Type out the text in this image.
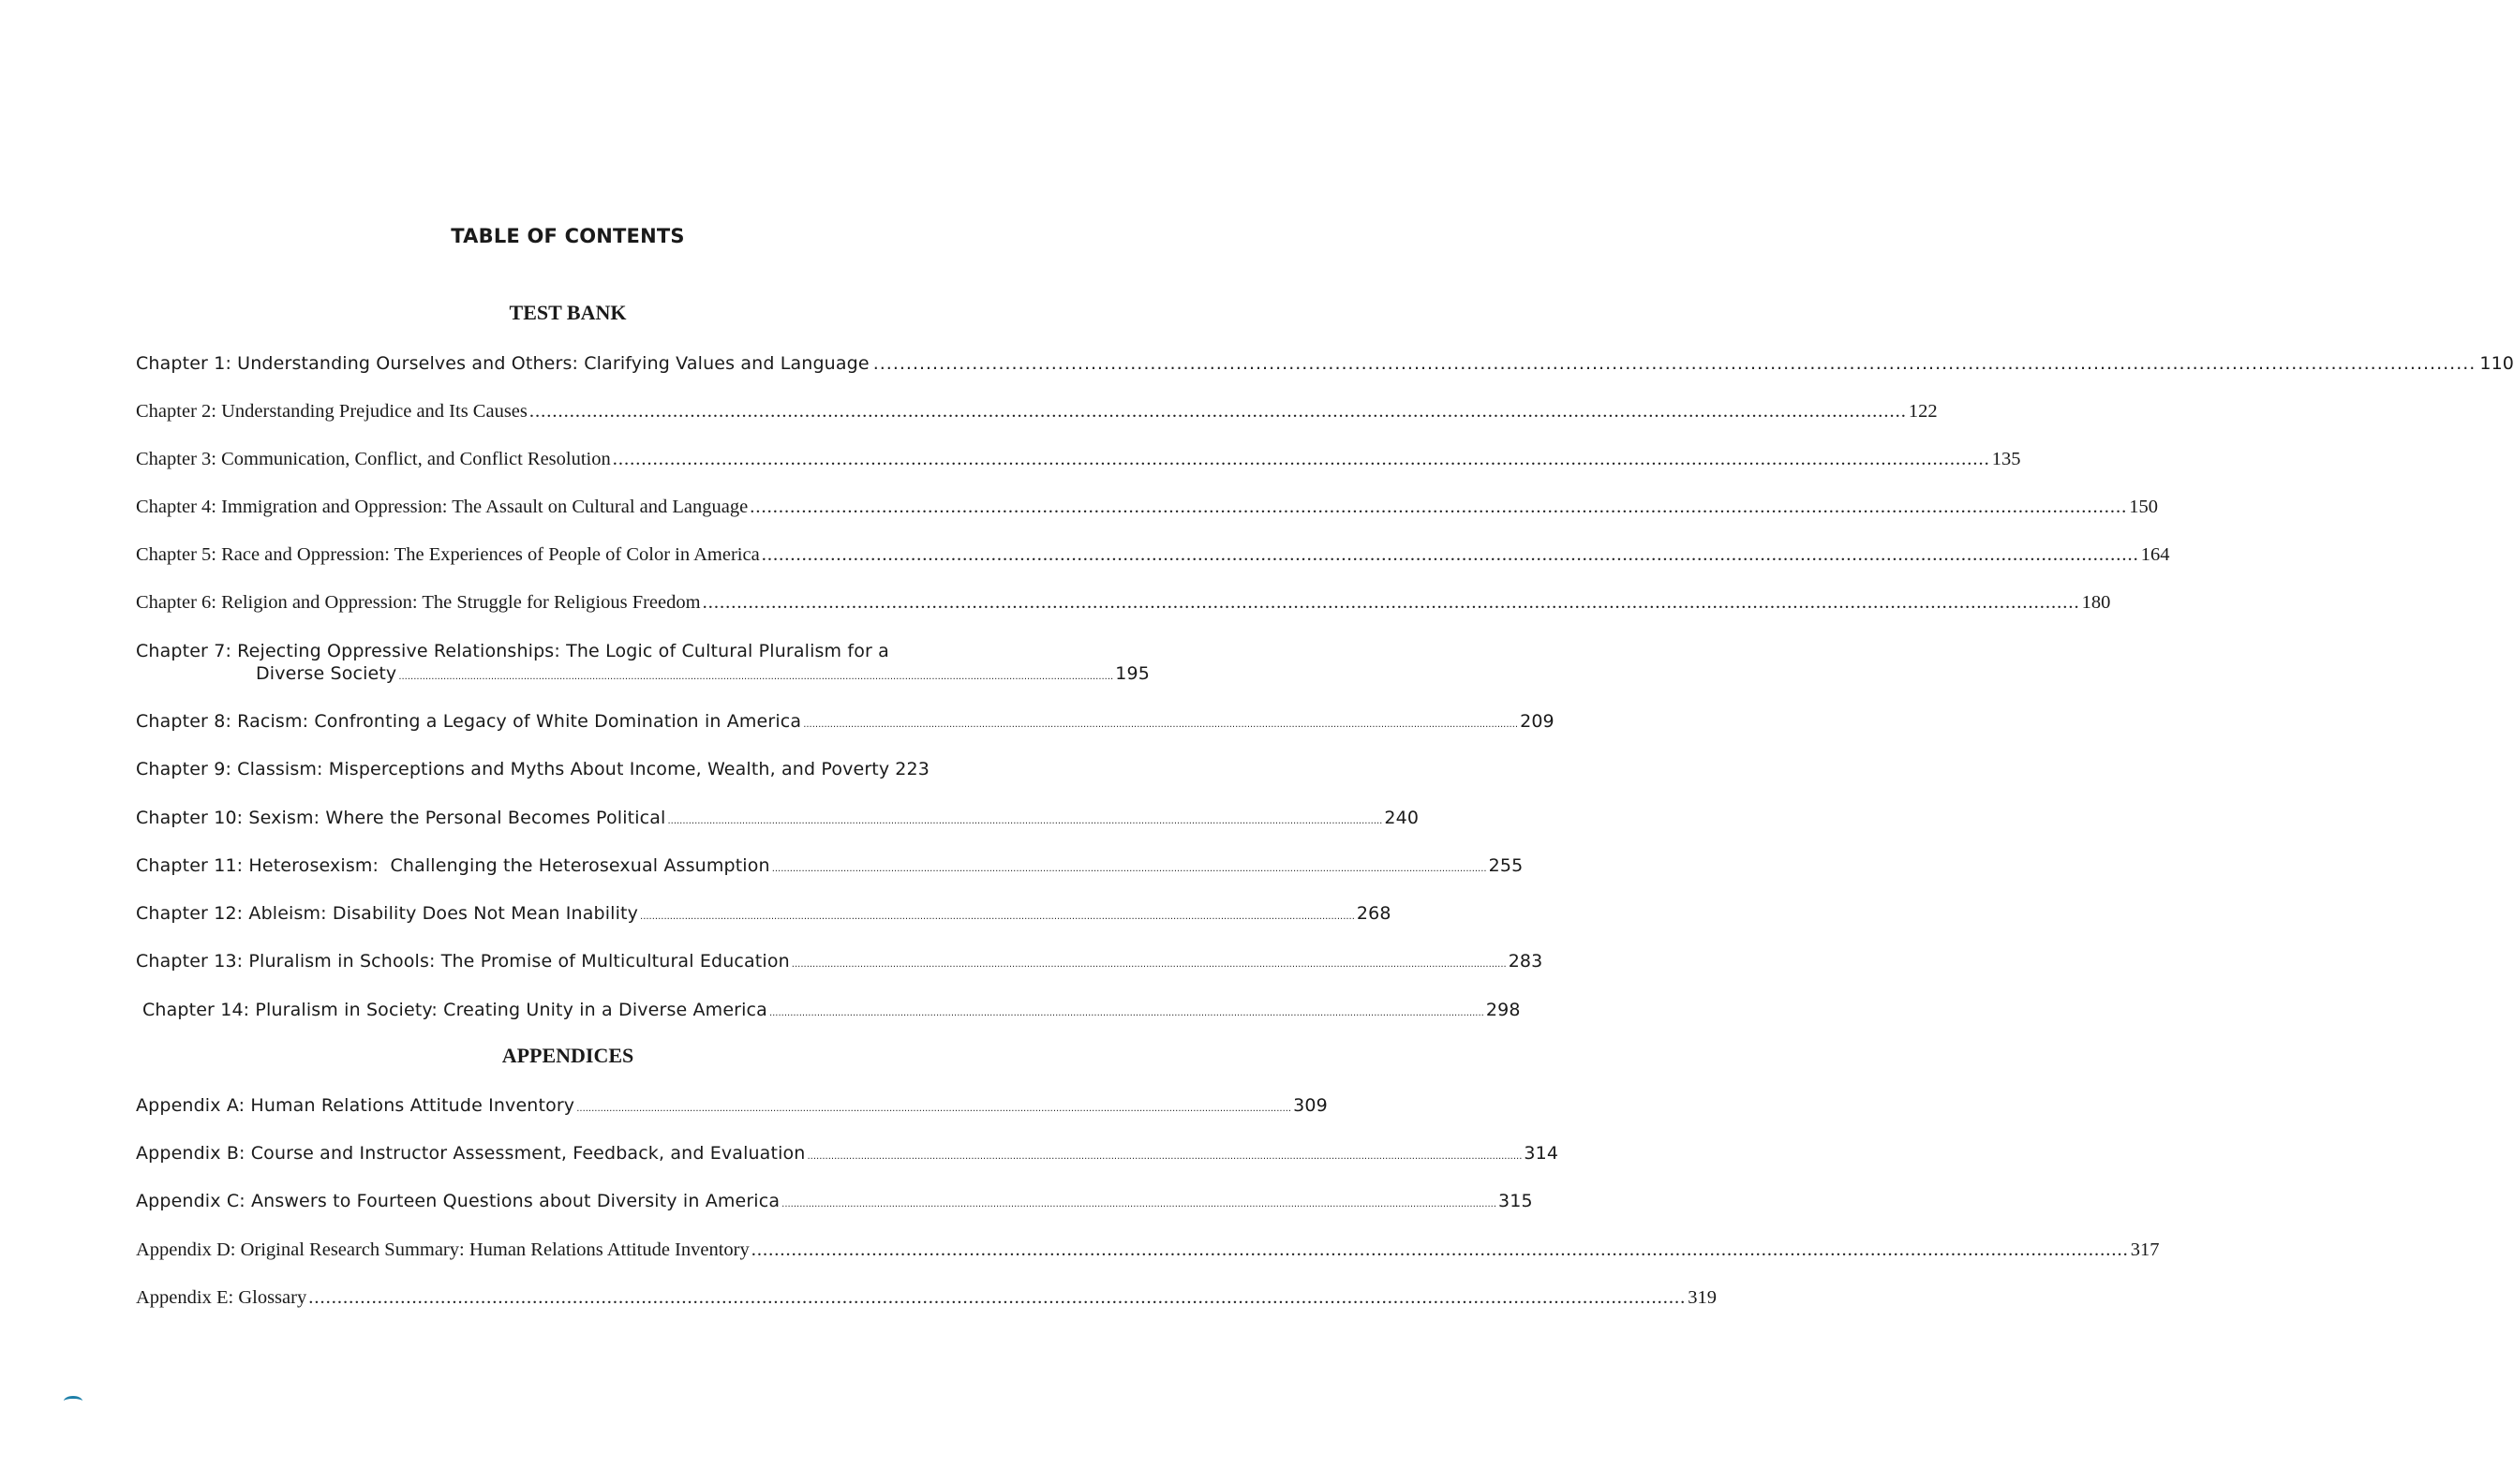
TABLE OF CONTENTS
TEST BANK
Chapter 1: Understanding Ourselves and Others: Clarifying Values and Language	..... ... 110
Chapter 2: Understanding Prejudice and Its Causes .....	122
Chapter 3: Communication, Conflict, and Conflict Resolution .....	135
Chapter 4: Immigration and Oppression: The Assault on Cultural and Language .....	150
Chapter 5: Race and Oppression: The Experiences of People of Color in America .....	164
Chapter 6: Religion and Oppression: The Struggle for Religious Freedom .....	180
Chapter 7: Rejecting Oppressive Relationships: The Logic of Cultural Pluralism for a
Diverse Society .....	195
Chapter 8: Racism: Confronting a Legacy of White Domination in America .....	209
Chapter 9: Classism: Misperceptions and Myths About Income, Wealth, and Poverty 223
Chapter 10: Sexism: Where the Personal Becomes Political .....	240
Chapter 11: Heterosexism:  Challenging the Heterosexual Assumption .....	255
Chapter 12: Ableism: Disability Does Not Mean Inability .....	268
Chapter 13: Pluralism in Schools: The Promise of Multicultural Education .....	283
Chapter 14: Pluralism in Society: Creating Unity in a Diverse America .....	298
APPENDICES
Appendix A: Human Relations Attitude Inventory .....	309
Appendix B: Course and Instructor Assessment, Feedback, and Evaluation .....	314
Appendix C: Answers to Fourteen Questions about Diversity in America .....	315
Appendix D: Original Research Summary: Human Relations Attitude Inventory .....	317
Appendix E: Glossary .....	319
